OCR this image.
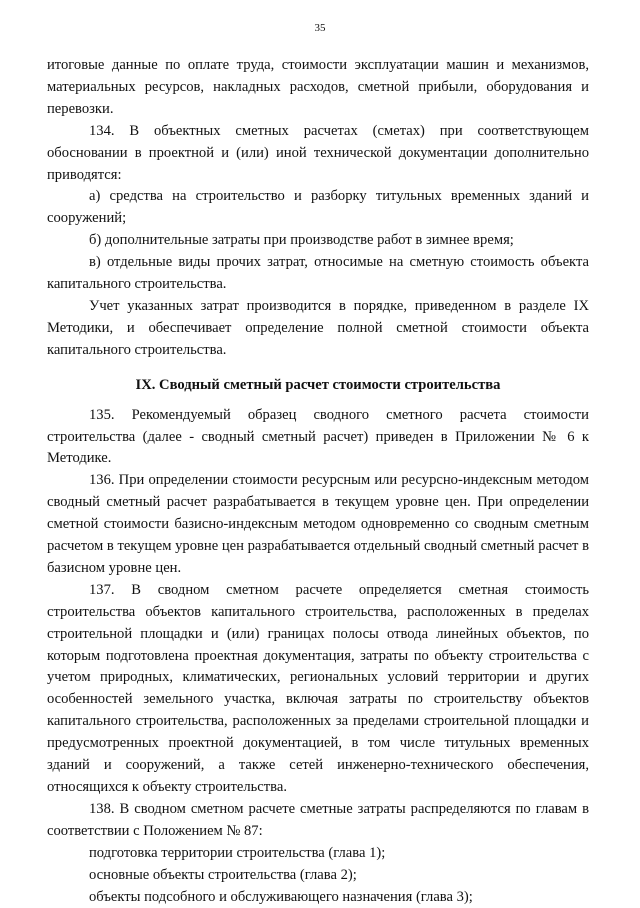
35

итоговые данные по оплате труда, стоимости эксплуатации машин и механизмов, материальных ресурсов, накладных расходов, сметной прибыли, оборудования и перевозки.

134. В объектных сметных расчетах (сметах) при соответствующем обосновании в проектной и (или) иной технической документации дополнительно приводятся:

а) средства на строительство и разборку титульных временных зданий и сооружений;

б) дополнительные затраты при производстве работ в зимнее время;

в) отдельные виды прочих затрат, относимые на сметную стоимость объекта капитального строительства.

Учет указанных затрат производится в порядке, приведенном в разделе IX Методики, и обеспечивает определение полной сметной стоимости объекта капитального строительства.

IX. Сводный сметный расчет стоимости строительства

135. Рекомендуемый образец сводного сметного расчета стоимости строительства (далее - сводный сметный расчет) приведен в Приложении № 6 к Методике.

136. При определении стоимости ресурсным или ресурсно-индексным методом сводный сметный расчет разрабатывается в текущем уровне цен. При определении сметной стоимости базисно-индексным методом одновременно со сводным сметным расчетом в текущем уровне цен разрабатывается отдельный сводный сметный расчет в базисном уровне цен.

137. В сводном сметном расчете определяется сметная стоимость строительства объектов капитального строительства, расположенных в пределах строительной площадки и (или) границах полосы отвода линейных объектов, по которым подготовлена проектная документация, затраты по объекту строительства с учетом природных, климатических, региональных условий территории и других особенностей земельного участка, включая затраты по строительству объектов капитального строительства, расположенных за пределами строительной площадки и предусмотренных проектной документацией, в том числе титульных временных зданий и сооружений, а также сетей инженерно-технического обеспечения, относящихся к объекту строительства.

138. В сводном сметном расчете сметные затраты распределяются по главам в соответствии с Положением № 87:

подготовка территории строительства (глава 1);

основные объекты строительства (глава 2);

объекты подсобного и обслуживающего назначения (глава 3);
